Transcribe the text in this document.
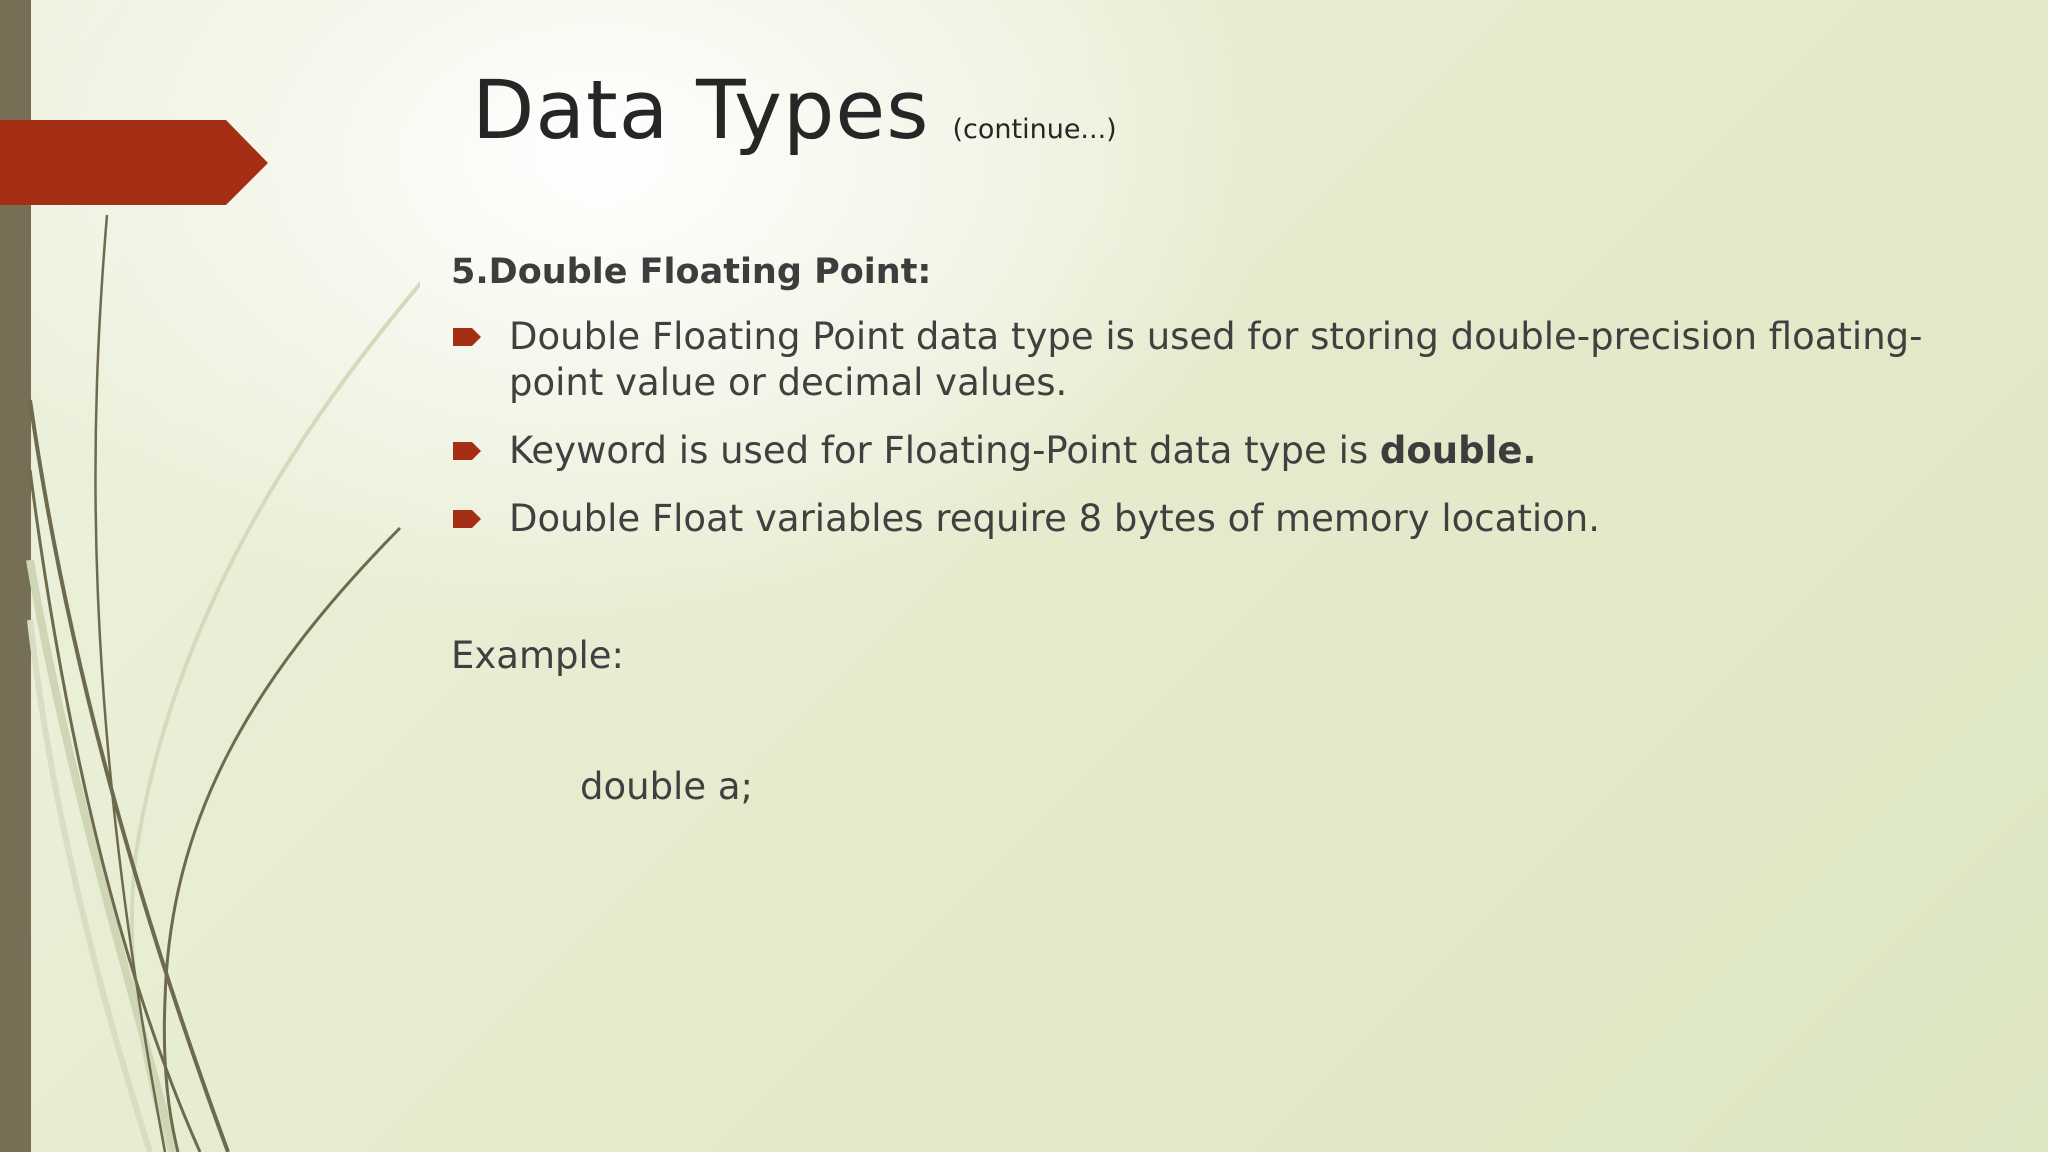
Data Types (continue...)
5.Double Floating Point:
Double Floating Point data type is used for storing double-precision floating-point value or decimal values.
Keyword is used for Floating-Point data type is double.
Double Float variables require 8 bytes of memory location.
Example:
double a;
